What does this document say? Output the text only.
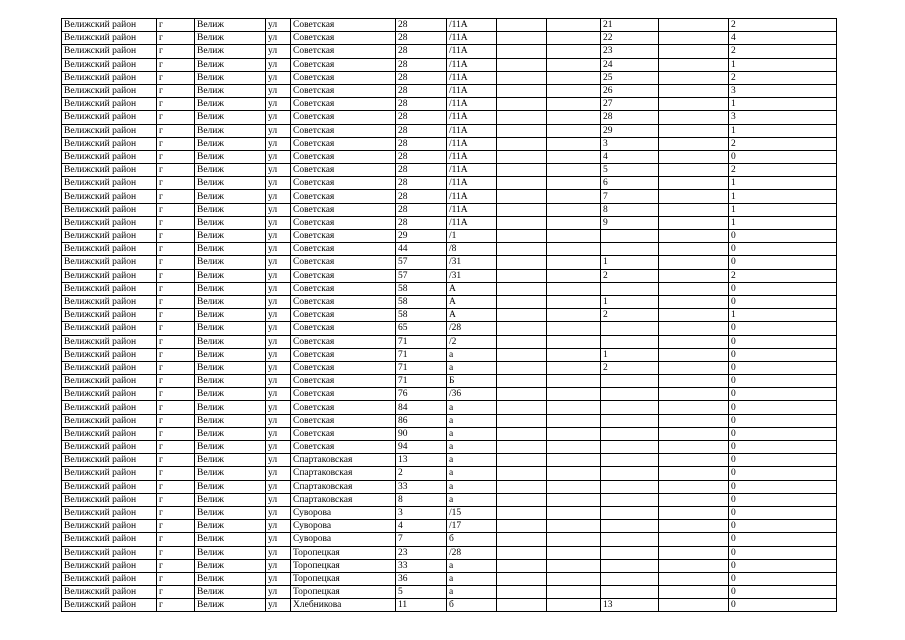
Велижский район	г	Велиж	ул	Советская	28	/11А			21		2
Велижский район	г	Велиж	ул	Советская	28	/11А			22		4
Велижский район	г	Велиж	ул	Советская	28	/11А			23		2
Велижский район	г	Велиж	ул	Советская	28	/11А			24		1
Велижский район	г	Велиж	ул	Советская	28	/11А			25		2
Велижский район	г	Велиж	ул	Советская	28	/11А			26		3
Велижский район	г	Велиж	ул	Советская	28	/11А			27		1
Велижский район	г	Велиж	ул	Советская	28	/11А			28		3
Велижский район	г	Велиж	ул	Советская	28	/11А			29		1
Велижский район	г	Велиж	ул	Советская	28	/11А			3		2
Велижский район	г	Велиж	ул	Советская	28	/11А			4		0
Велижский район	г	Велиж	ул	Советская	28	/11А			5		2
Велижский район	г	Велиж	ул	Советская	28	/11А			6		1
Велижский район	г	Велиж	ул	Советская	28	/11А			7		1
Велижский район	г	Велиж	ул	Советская	28	/11А			8		1
Велижский район	г	Велиж	ул	Советская	28	/11А			9		1
Велижский район	г	Велиж	ул	Советская	29	/1					0
Велижский район	г	Велиж	ул	Советская	44	/8					0
Велижский район	г	Велиж	ул	Советская	57	/31			1		0
Велижский район	г	Велиж	ул	Советская	57	/31			2		2
Велижский район	г	Велиж	ул	Советская	58	А					0
Велижский район	г	Велиж	ул	Советская	58	А			1		0
Велижский район	г	Велиж	ул	Советская	58	А			2		1
Велижский район	г	Велиж	ул	Советская	65	/28					0
Велижский район	г	Велиж	ул	Советская	71	/2					0
Велижский район	г	Велиж	ул	Советская	71	а			1		0
Велижский район	г	Велиж	ул	Советская	71	а			2		0
Велижский район	г	Велиж	ул	Советская	71	Б					0
Велижский район	г	Велиж	ул	Советская	76	/36					0
Велижский район	г	Велиж	ул	Советская	84	а					0
Велижский район	г	Велиж	ул	Советская	86	а					0
Велижский район	г	Велиж	ул	Советская	90	а					0
Велижский район	г	Велиж	ул	Советская	94	а					0
Велижский район	г	Велиж	ул	Спартаковская	13	а					0
Велижский район	г	Велиж	ул	Спартаковская	2	а					0
Велижский район	г	Велиж	ул	Спартаковская	33	а					0
Велижский район	г	Велиж	ул	Спартаковская	8	а					0
Велижский район	г	Велиж	ул	Суворова	3	/15					0
Велижский район	г	Велиж	ул	Суворова	4	/17					0
Велижский район	г	Велиж	ул	Суворова	7	б					0
Велижский район	г	Велиж	ул	Торопецкая	23	/28					0
Велижский район	г	Велиж	ул	Торопецкая	33	а					0
Велижский район	г	Велиж	ул	Торопецкая	36	а					0
Велижский район	г	Велиж	ул	Торопецкая	5	а					0
Велижский район	г	Велиж	ул	Хлебникова	11	б			13		0
